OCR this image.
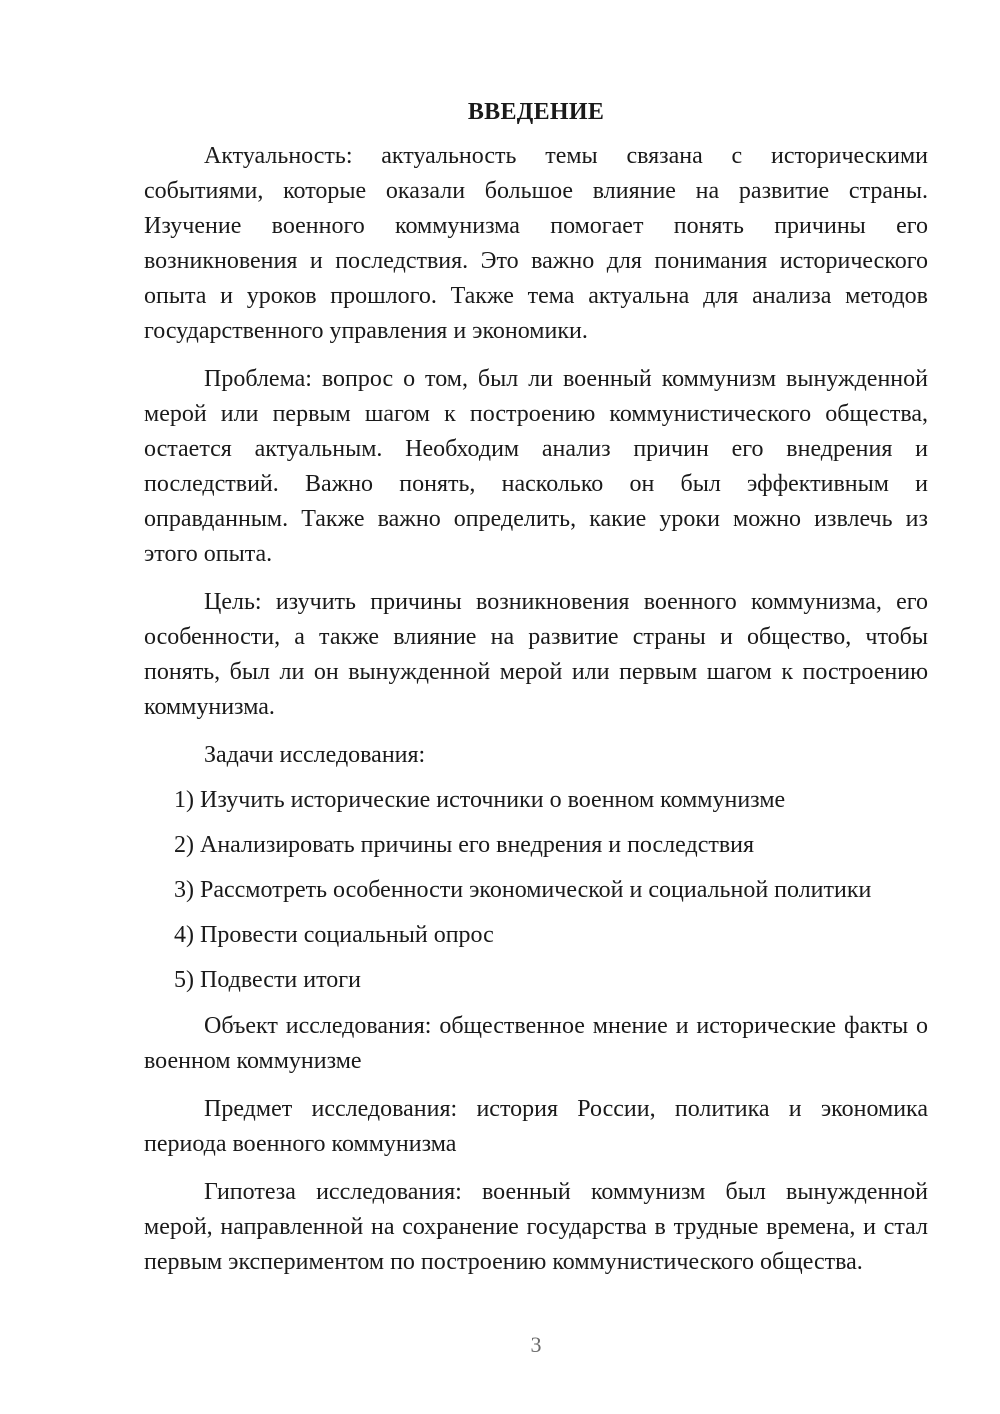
ВВЕДЕНИЕ

Актуальность: актуальность темы связана с историческими событиями, которые оказали большое влияние на развитие страны. Изучение военного коммунизма помогает понять причины его возникновения и последствия. Это важно для понимания исторического опыта и уроков прошлого. Также тема актуальна для анализа методов государственного управления и экономики.

Проблема: вопрос о том, был ли военный коммунизм вынужденной мерой или первым шагом к построению коммунистического общества, остается актуальным. Необходим анализ причин его внедрения и последствий. Важно понять, насколько он был эффективным и оправданным. Также важно определить, какие уроки можно извлечь из этого опыта.

Цель: изучить причины возникновения военного коммунизма, его особенности, а также влияние на развитие страны и общество, чтобы понять, был ли он вынужденной мерой или первым шагом к построению коммунизма.

Задачи исследования:

1) Изучить исторические источники о военном коммунизме
2) Анализировать причины его внедрения и последствия
3) Рассмотреть особенности экономической и социальной политики
4) Провести социальный опрос
5) Подвести итоги

Объект исследования: общественное мнение и исторические факты о военном коммунизме

Предмет исследования: история России, политика и экономика периода военного коммунизма

Гипотеза исследования: военный коммунизм был вынужденной мерой, направленной на сохранение государства в трудные времена, и стал первым экспериментом по построению коммунистического общества.

3
